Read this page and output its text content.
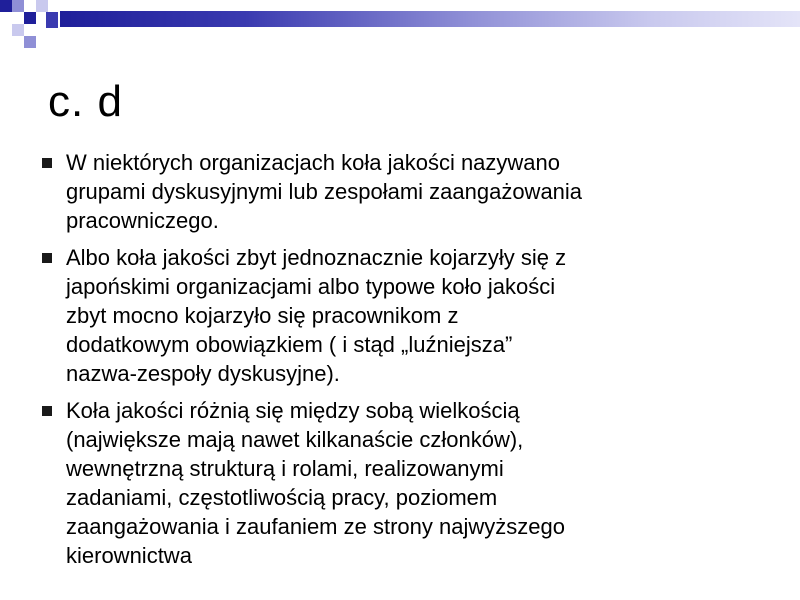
c. d
W niektórych organizacjach koła jakości nazywano
grupami dyskusyjnymi lub zespołami zaangażowania
pracowniczego.
Albo koła jakości zbyt jednoznacznie kojarzyły się z
japońskimi organizacjami albo typowe koło jakości
zbyt mocno kojarzyło się pracownikom z
dodatkowym obowiązkiem ( i stąd „luźniejsza”
nazwa-zespoły dyskusyjne).
Koła jakości różnią się między sobą wielkością
(największe mają nawet kilkanaście członków),
wewnętrzną strukturą i rolami, realizowanymi
zadaniami, częstotliwością pracy, poziomem
zaangażowania i zaufaniem ze strony najwyższego
kierownictwa
